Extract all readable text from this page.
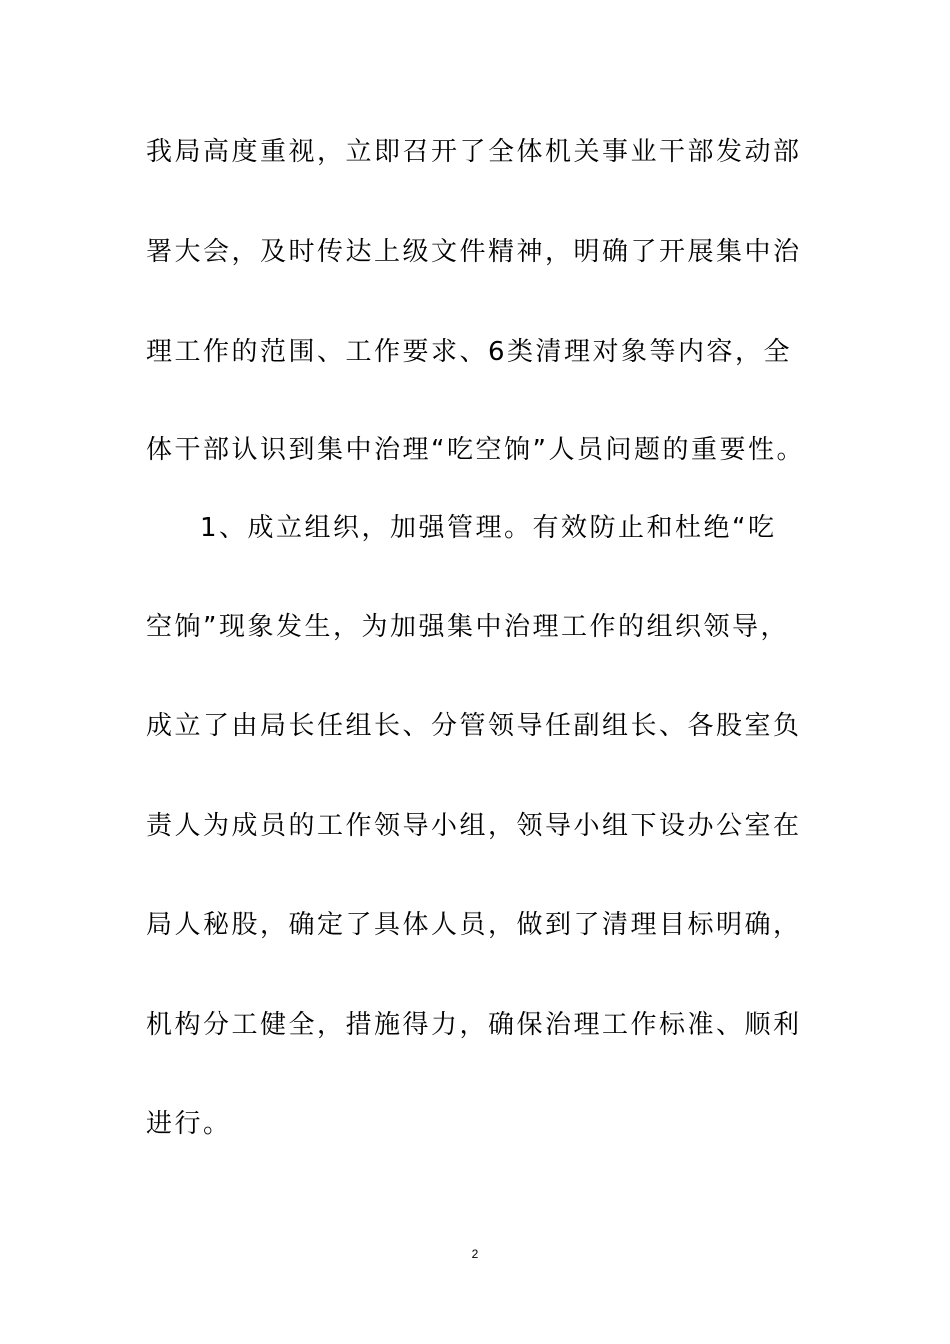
我局高度重视，立即召开了全体机关事业干部发动部
署大会，及时传达上级文件精神，明确了开展集中治
理工作的范围、工作要求、6类清理对象等内容，全
体干部认识到集中治理“吃空饷”人员问题的重要性。
1、成立组织，加强管理。有效防止和杜绝“吃
空饷”现象发生，为加强集中治理工作的组织领导，
成立了由局长任组长、分管领导任副组长、各股室负
责人为成员的工作领导小组，领导小组下设办公室在
局人秘股，确定了具体人员，做到了清理目标明确，
机构分工健全，措施得力，确保治理工作标准、顺利
进行。
2
